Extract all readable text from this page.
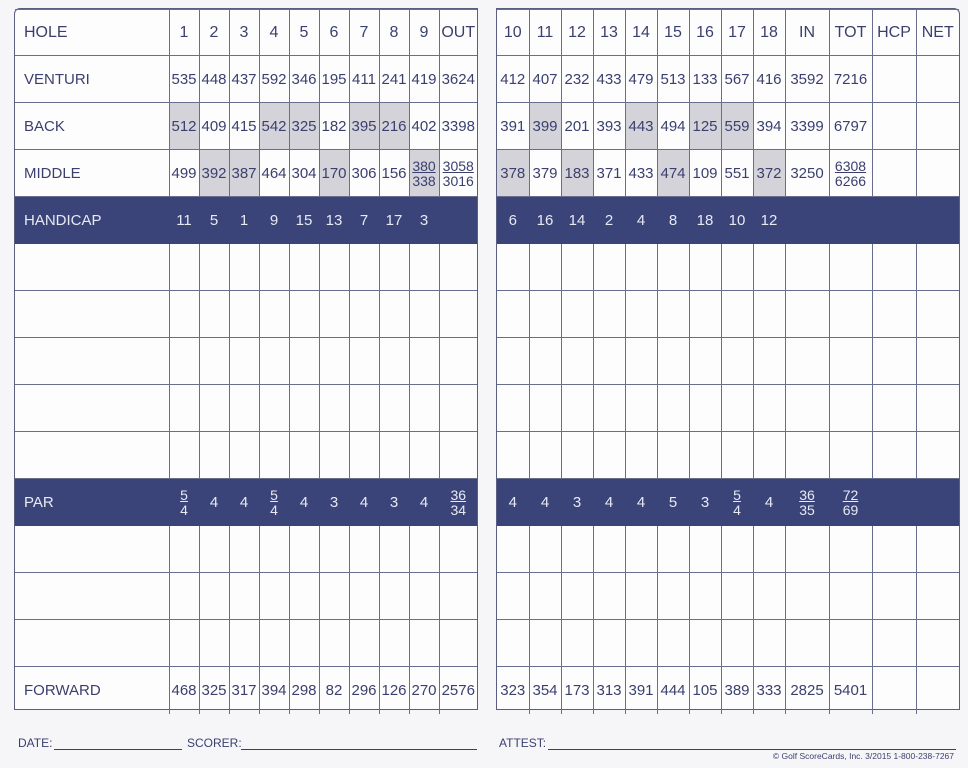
HOLE	1	2	3	4	5	6	7	8	9	OUT
VENTURI	535	448	437	592	346	195	411	241	419	3624
BACK	512	409	415	542	325	182	395	216	402	3398
MIDDLE	499	392	387	464	304	170	306	156	$\frac{380}{338}$	$\frac{3058}{3016}$

HANDICAP	11	5	1	9	15	13	7	17	3	

PAR	$\frac{5}{4}$	4	4	$\frac{5}{4}$	4	3	4	3	4	$\frac{36}{34}$

FORWARD	468	325	317	394	298	82	296	126	270	2576
10	11	12	13	14	15	16	17	18	IN	TOT	HCP	NET
412	407	232	433	479	513	133	567	416	3592	7216		
391	399	201	393	443	494	125	559	394	3399	6797		
378	379	183	371	433	474	109	551	372	3250	$\frac{6308}{6266}$

6	16	14	2	4	8	18	10	12				

4	4	3	4	4	5	3	$\frac{5}{4}$	4	$\frac{36}{35}$	$\frac{72}{69}$

323	354	173	313	391	444	105	389	333	2825	5401		
DATE:	SCORER:	ATTEST:
© Golf ScoreCards, Inc. 3/2015 1-800-238-7267
